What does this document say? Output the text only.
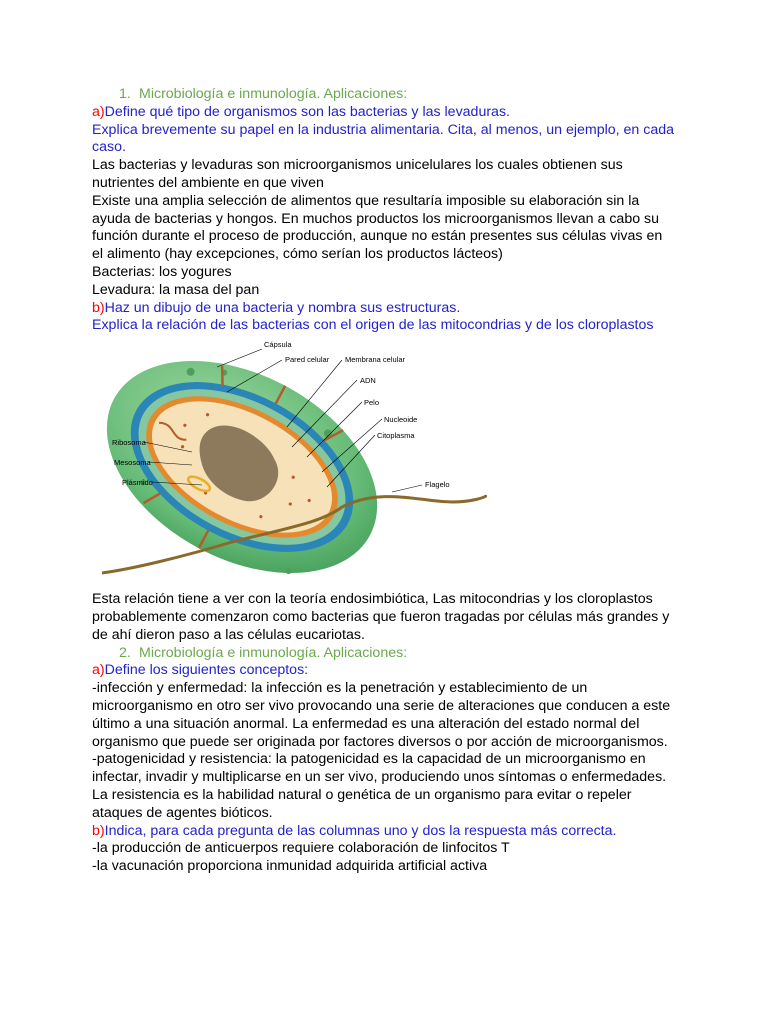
1. Microbiología e inmunología. Aplicaciones:
a)Define qué tipo de organismos son las bacterias y las levaduras.
Explica brevemente su papel en la industria alimentaria. Cita, al menos, un ejemplo, en cada
caso.
Las bacterias y levaduras son microorganismos unicelulares los cuales obtienen sus
nutrientes del ambiente en que viven
Existe una amplia selección de alimentos que resultaría imposible su elaboración sin la
ayuda de bacterias y hongos. En muchos productos los microorganismos llevan a cabo su
función durante el proceso de producción, aunque no están presentes sus células vivas en
el alimento (hay excepciones, cómo serían los productos lácteos)
Bacterias: los yogures
Levadura: la masa del pan
b)Haz un dibujo de una bacteria y nombra sus estructuras.
Explica la relación de las bacterias con el origen de las mitocondrias y de los cloroplastos
Cápsula
Pared celular Membrana celular
ADN
Pelo
Nucleoide
Citoplasma
Ribosoma
Mesosoma
Plásmido	Flagelo
Esta relación tiene a ver con la teoría endosimbiótica, Las mitocondrias y los cloroplastos
probablemente comenzaron como bacterias que fueron tragadas por células más grandes y
de ahí dieron paso a las células eucariotas.
2. Microbiología e inmunología. Aplicaciones:
a)Define los siguientes conceptos:
-infección y enfermedad: la infección es la penetración y establecimiento de un
microorganismo en otro ser vivo provocando una serie de alteraciones que conducen a este
último a una situación anormal. La enfermedad es una alteración del estado normal del
organismo que puede ser originada por factores diversos o por acción de microorganismos.
-patogenicidad y resistencia: la patogenicidad es la capacidad de un microorganismo en
infectar, invadir y multiplicarse en un ser vivo, produciendo unos síntomas o enfermedades.
La resistencia es la habilidad natural o genética de un organismo para evitar o repeler
ataques de agentes bióticos.
b)Indica, para cada pregunta de las columnas uno y dos la respuesta más correcta.
-la producción de anticuerpos requiere colaboración de linfocitos T
-la vacunación proporciona inmunidad adquirida artificial activa
